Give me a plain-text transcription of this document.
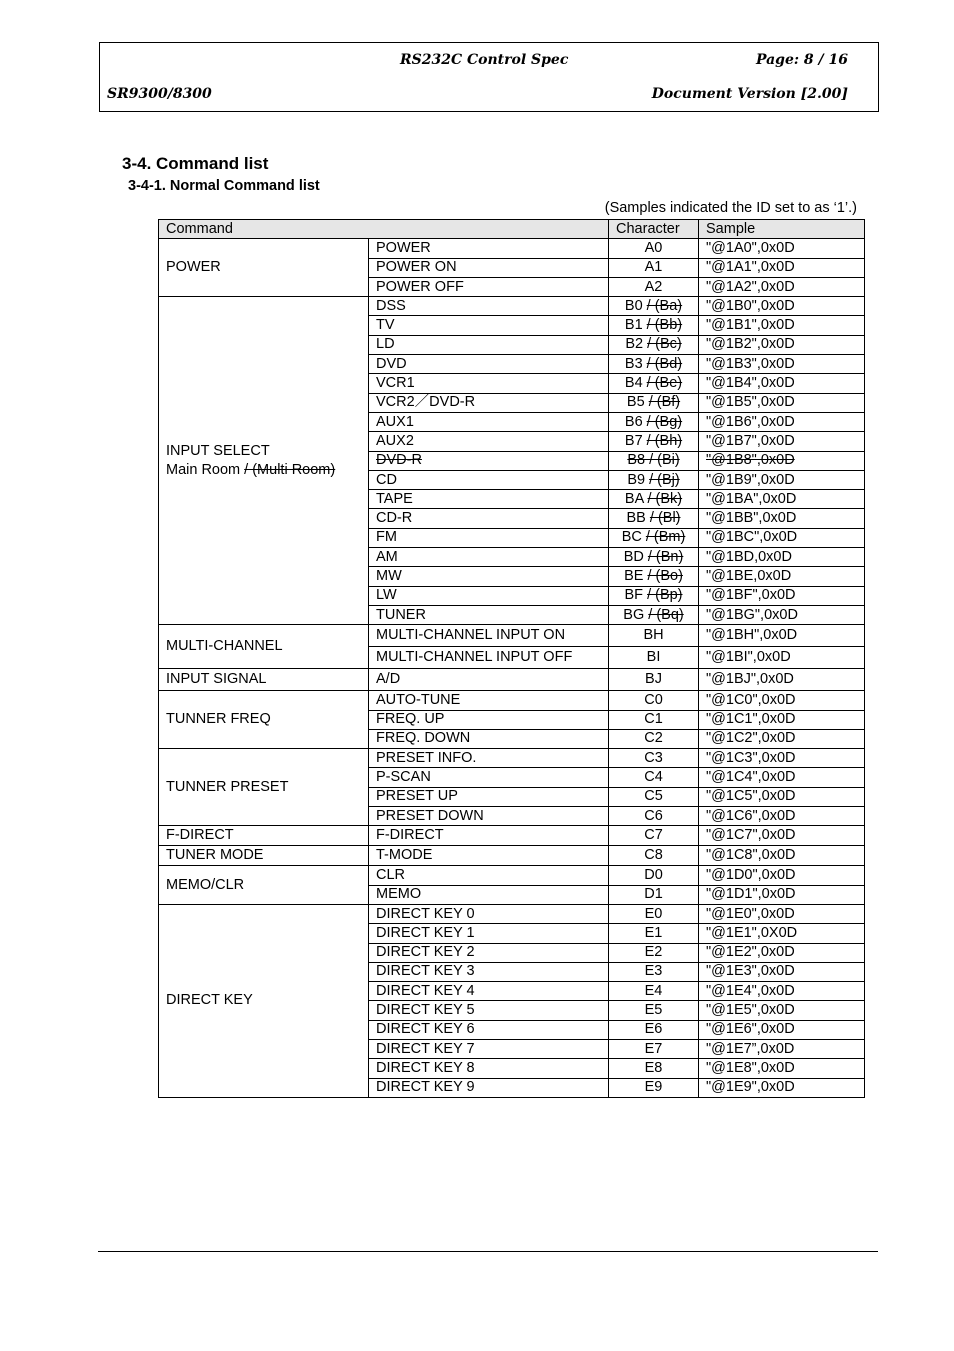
RS232C Control Spec	Page: 8 / 16
SR9300/8300	Document Version [2.00]
3-4. Command list
3-4-1. Normal Command list
(Samples indicated the ID set to as ‘1’.)
Command		Character	Sample
POWER	POWER	A0	"@1A0",0x0D
	POWER ON	A1	"@1A1",0x0D
	POWER OFF	A2	"@1A2",0x0D
INPUT SELECT
Main Room / (Multi Room)	DSS	B0 / (Ba)	"@1B0",0x0D
	TV	B1 / (Bb)	"@1B1",0x0D
	LD	B2 / (Bc)	"@1B2",0x0D
	DVD	B3 / (Bd)	"@1B3",0x0D
	VCR1	B4 / (Be)	"@1B4",0x0D
	VCR2／DVD-R	B5 / (Bf)	"@1B5",0x0D
	AUX1	B6 / (Bg)	"@1B6",0x0D
	AUX2	B7 / (Bh)	"@1B7",0x0D
	DVD-R	B8 / (Bi)	"@1B8",0x0D
	CD	B9 / (Bj)	"@1B9",0x0D
	TAPE	BA / (Bk)	"@1BA",0x0D
	CD-R	BB / (Bl)	"@1BB",0x0D
	FM	BC / (Bm)	"@1BC",0x0D
	AM	BD / (Bn)	"@1BD,0x0D
	MW	BE / (Bo)	"@1BE,0x0D
	LW	BF / (Bp)	"@1BF",0x0D
	TUNER	BG / (Bq)	"@1BG",0x0D
MULTI-CHANNEL	MULTI-CHANNEL INPUT ON	BH	"@1BH",0x0D
	MULTI-CHANNEL INPUT OFF	BI	"@1BI",0x0D
INPUT SIGNAL	A/D	BJ	"@1BJ",0x0D
TUNNER FREQ	AUTO-TUNE	C0	"@1C0",0x0D
	FREQ. UP	C1	"@1C1",0x0D
	FREQ. DOWN	C2	"@1C2",0x0D
TUNNER PRESET	PRESET INFO.	C3	"@1C3",0x0D
	P-SCAN	C4	"@1C4",0x0D
	PRESET UP	C5	"@1C5",0x0D
	PRESET DOWN	C6	"@1C6",0x0D
F-DIRECT	F-DIRECT	C7	"@1C7",0x0D
TUNER MODE	T-MODE	C8	"@1C8",0x0D
MEMO/CLR	CLR	D0	"@1D0",0x0D
	MEMO	D1	"@1D1",0x0D
DIRECT KEY	DIRECT KEY 0	E0	"@1E0",0x0D
	DIRECT KEY 1	E1	"@1E1",0X0D
	DIRECT KEY 2	E2	"@1E2",0x0D
	DIRECT KEY 3	E3	"@1E3",0x0D
	DIRECT KEY 4	E4	"@1E4",0x0D
	DIRECT KEY 5	E5	"@1E5",0x0D
	DIRECT KEY 6	E6	"@1E6",0x0D
	DIRECT KEY 7	E7	"@1E7”,0x0D
	DIRECT KEY 8	E8	"@1E8",0x0D
	DIRECT KEY 9	E9	"@1E9",0x0D
